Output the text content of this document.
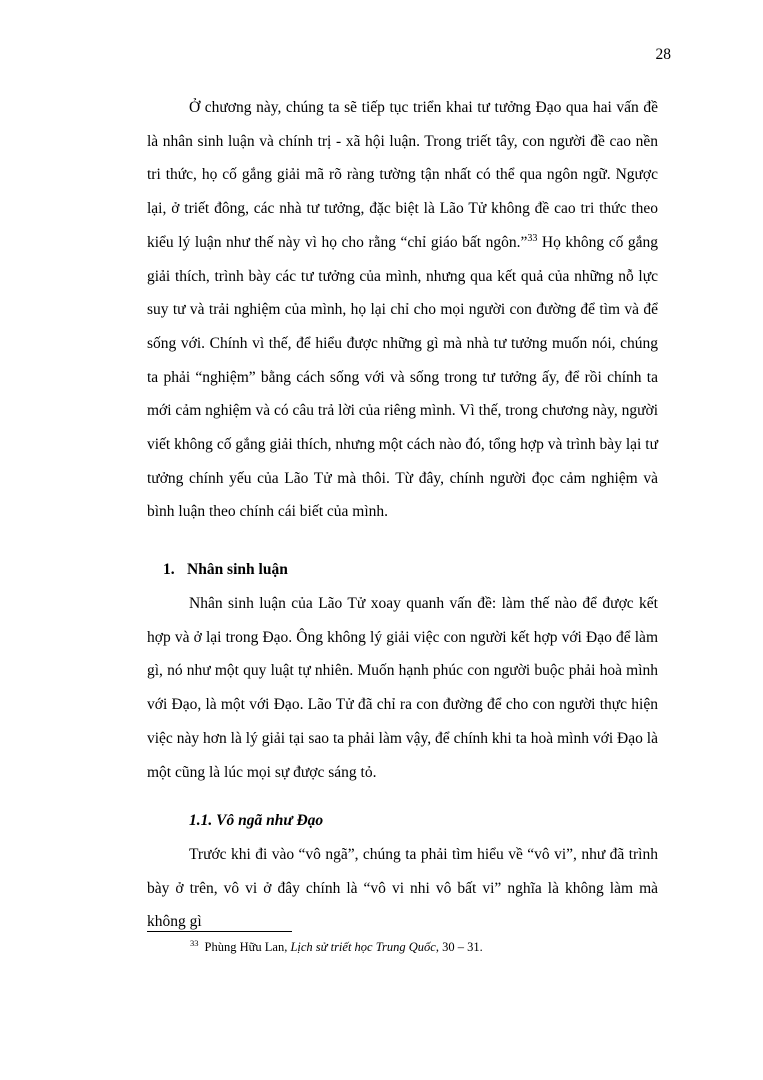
28

Ở chương này, chúng ta sẽ tiếp tục triển khai tư tưởng Đạo qua hai vấn đề là nhân sinh luận và chính trị - xã hội luận. Trong triết tây, con người đề cao nền tri thức, họ cố gắng giải mã rõ ràng tường tận nhất có thể qua ngôn ngữ. Ngược lại, ở triết đông, các nhà tư tưởng, đặc biệt là Lão Tử không đề cao tri thức theo kiểu lý luận như thế này vì họ cho rằng “chỉ giáo bất ngôn.”$^{33}$ Họ không cố gắng giải thích, trình bày các tư tưởng của mình, nhưng qua kết quả của những nỗ lực suy tư và trải nghiệm của mình, họ lại chỉ cho mọi người con đường để tìm và để sống với. Chính vì thế, để hiểu được những gì mà nhà tư tưởng muốn nói, chúng ta phải “nghiệm” bằng cách sống với và sống trong tư tưởng ấy, để rồi chính ta mới cảm nghiệm và có câu trả lời của riêng mình. Vì thế, trong chương này, người viết không cố gắng giải thích, nhưng một cách nào đó, tổng hợp và trình bày lại tư tưởng chính yếu của Lão Tử mà thôi. Từ đây, chính người đọc cảm nghiệm và bình luận theo chính cái biết của mình.

1. Nhân sinh luận

Nhân sinh luận của Lão Tử xoay quanh vấn đề: làm thế nào để được kết hợp và ở lại trong Đạo. Ông không lý giải việc con người kết hợp với Đạo để làm gì, nó như một quy luật tự nhiên. Muốn hạnh phúc con người buộc phải hoà mình với Đạo, là một với Đạo. Lão Tử đã chỉ ra con đường để cho con người thực hiện việc này hơn là lý giải tại sao ta phải làm vậy, để chính khi ta hoà mình với Đạo là một cũng là lúc mọi sự được sáng tỏ.

1.1. Vô ngã như Đạo

Trước khi đi vào “vô ngã”, chúng ta phải tìm hiểu về “vô vi”, như đã trình bày ở trên, vô vi ở đây chính là “vô vi nhi vô bất vi” nghĩa là không làm mà không gì

$^{33}$ Phùng Hữu Lan, Lịch sử triết học Trung Quốc, 30 – 31.
